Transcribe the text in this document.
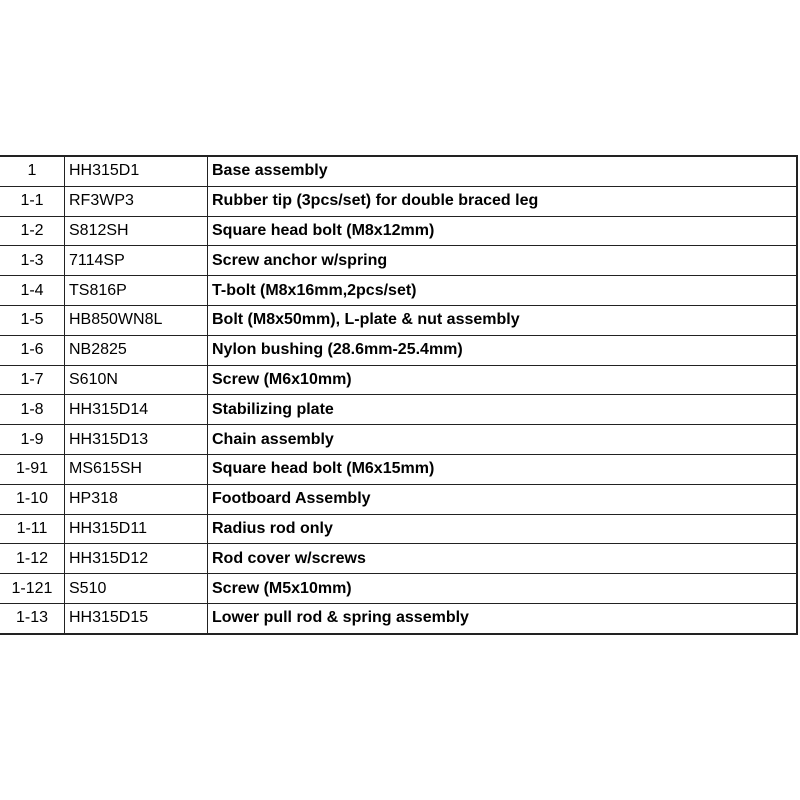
1	HH315D1	Base assembly
1-1	RF3WP3	Rubber tip (3pcs/set) for double braced leg
1-2	S812SH	Square head bolt (M8x12mm)
1-3	7114SP	Screw anchor w/spring
1-4	TS816P	T-bolt (M8x16mm,2pcs/set)
1-5	HB850WN8L	Bolt (M8x50mm), L-plate & nut assembly
1-6	NB2825	Nylon bushing (28.6mm-25.4mm)
1-7	S610N	Screw (M6x10mm)
1-8	HH315D14	Stabilizing plate
1-9	HH315D13	Chain assembly
1-91	MS615SH	Square head bolt (M6x15mm)
1-10	HP318	Footboard Assembly
1-11	HH315D11	Radius rod only
1-12	HH315D12	Rod cover w/screws
1-121	S510	Screw (M5x10mm)
1-13	HH315D15	Lower pull rod & spring assembly
